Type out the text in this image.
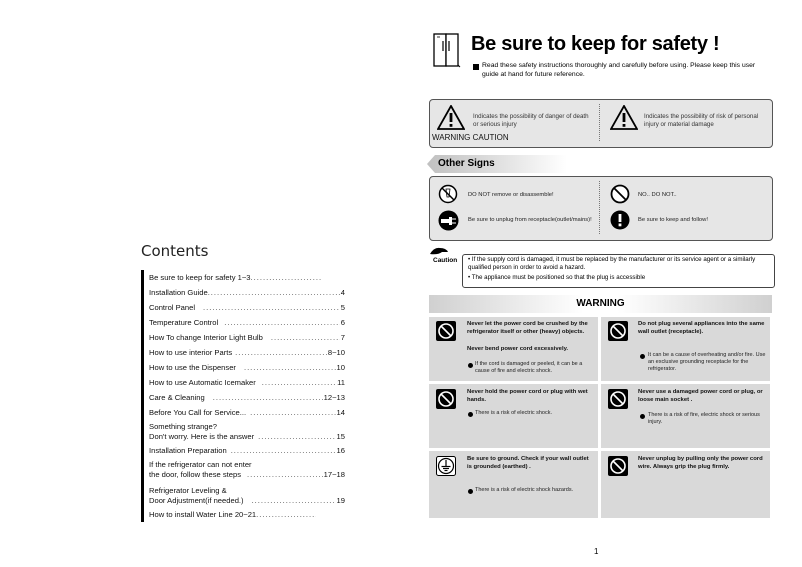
Contents
Be sure to keep for safety 1~3
.....
Installation Guide .....	4
Control Panel .....	5
Temperature Control .....	6
How To change Interior Light Bulb .....	7
How to use interior Parts .....	8~10
How to use the Dispenser .....	10
How to use Automatic Icemaker .....	11
Care & Cleaning .....	12~13
Before You Call for Service... .....	14
Something strange?
Don't worry. Here is the answer .....	15
Installation Preparation .....	16
If the refrigerator can not enter
the door, follow these steps .....	17~18
Refrigerator Leveling &
Door Adjustment(if needed.) .....	19
How to install Water Line 20~21
.....
Be sure to keep for safety !
Read these safety instructions thoroughly and carefully before using. Please keep this user guide at hand for future reference.
Indicates the possibility of danger of death or serious injury
Indicates the possibility of risk of personal injury or material damage
WARNING CAUTION
Other Signs
DO NOT remove or disassemble!	NO.. DO NOT..
Be sure to unplug from receptacle(outlet/mains)!	Be sure to keep and follow!
Caution • If the supply cord is damaged, it must be replaced by the manufacturer or its service agent or a similarly qualified person in order to avoid a hazard.
• The appliance must be positioned so that the plug is accessible
WARNING
Never let the power cord be crushed by the refrigerator itself or other (heavy) objects.
Never bend power cord excessively.
If the cord is damaged or peeled, it can be a cause of fire and electric shock.
Do not plug several appliances into the same wall outlet (receptacle).
It can be a cause of overheating and/or fire. Use an exclusive grounding receptacle for the refrigerator.
Never hold the power cord or plug with wet hands.
There is a risk of electric shock.
Never use a damaged power cord or plug, or loose main socket .
There is a risk of fire, electric shock or serious injury.
Be sure to ground. Check if your wall outlet is grounded (earthed) .
There is a risk of electric shock hazards.
Never unplug by pulling only the power cord wire. Always grip the plug firmly.
1
